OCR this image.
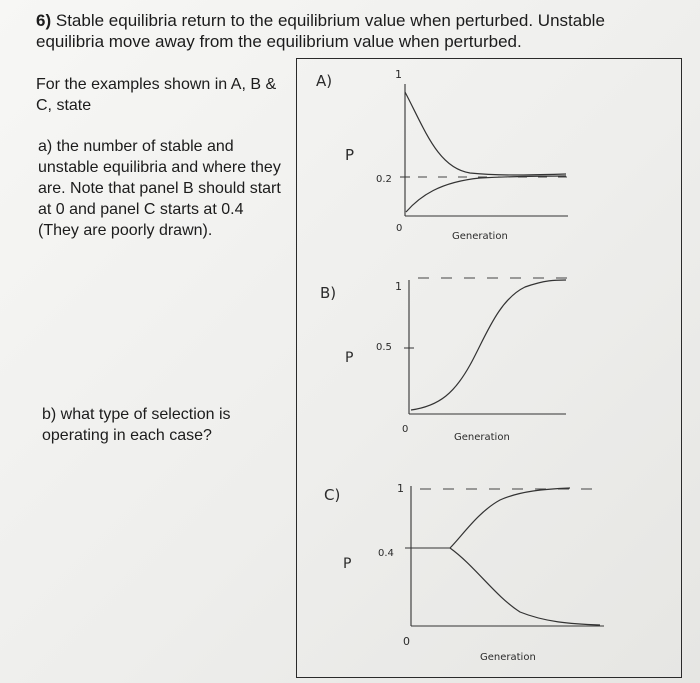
6) Stable equilibria return to the equilibrium value when perturbed. Unstable equilibria move away from the equilibrium value when perturbed.
For the examples shown in A, B & C, state
a) the number of stable and unstable equilibria and where they are. Note that panel B should start at 0 and panel C starts at 0.4 (They are poorly drawn).
b) what type of selection is operating in each case?
A)
P
1
0.2
0
Generation
B)
P
1
0.5
0
Generation
C)
P
1
0.4
0
Generation
